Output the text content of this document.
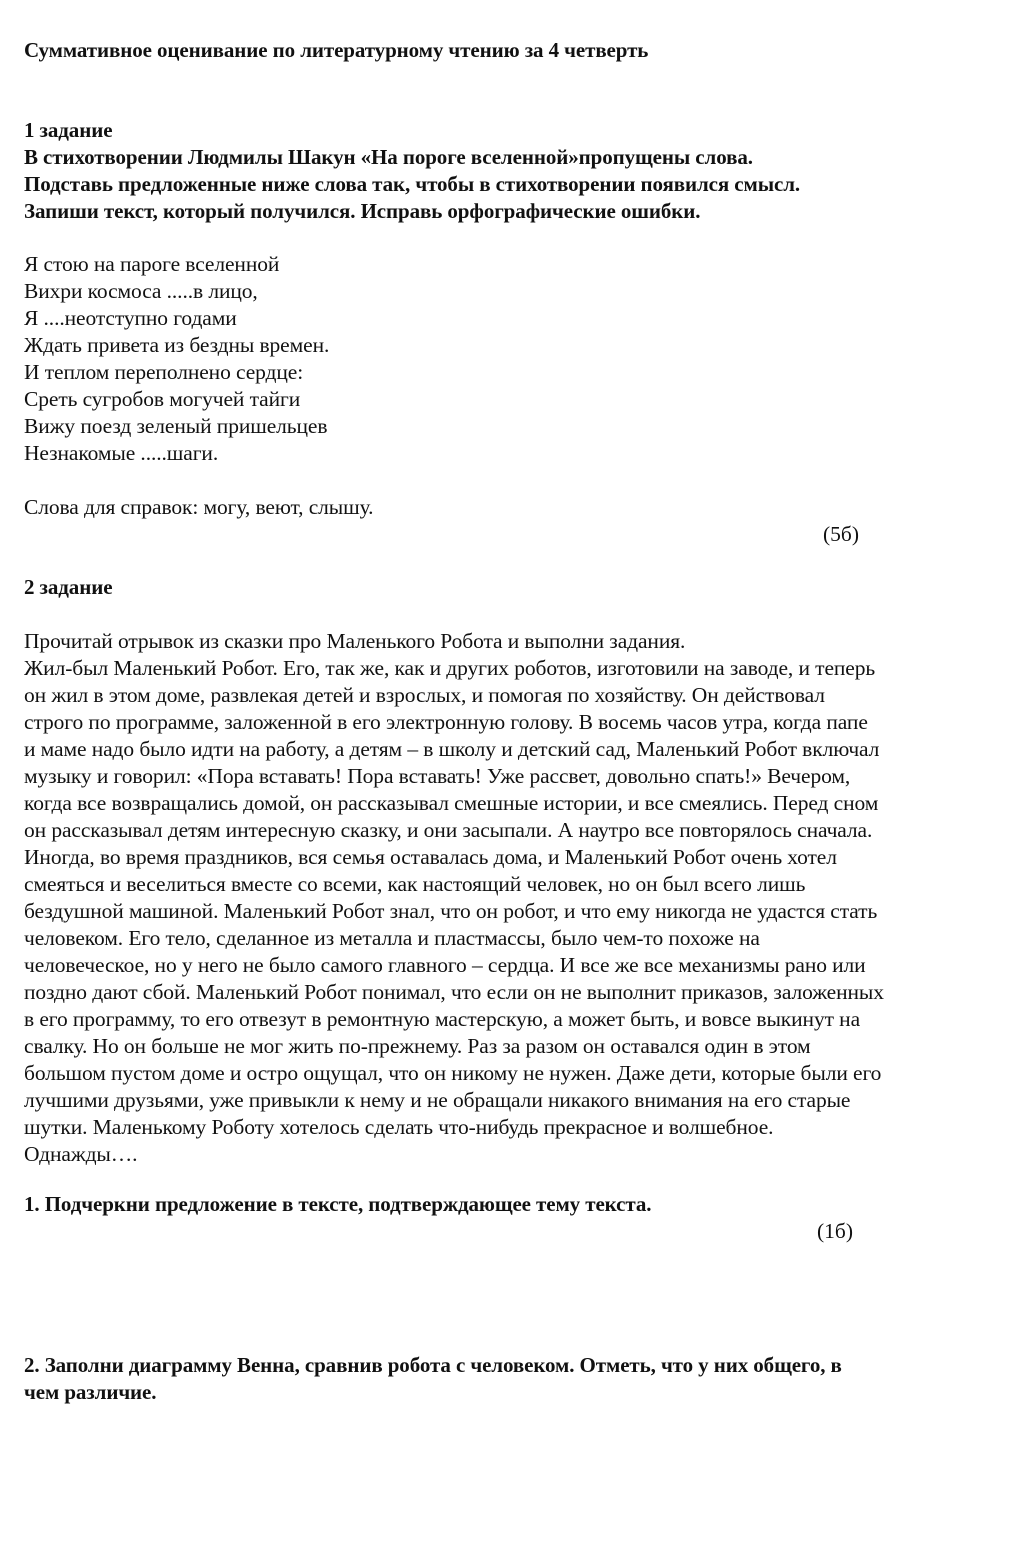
Суммативное оценивание по литературному чтению за 4 четверть
1 задание
В стихотворении Людмилы Шакун «На пороге вселенной»пропущены слова.
Подставь предложенные ниже слова так, чтобы в стихотворении появился смысл.
Запиши текст, который получился. Исправь орфографические ошибки.
Я стою на пароге вселенной
Вихри космоса .....в лицо,
Я ....неотступно годами
Ждать привета из бездны времен.
И теплом переполнено сердце:
Среть сугробов могучей тайги
Вижу поезд зеленый пришельцев
Незнакомые .....шаги.
Слова для справок: могу, веют, слышу.
(5б)
2 задание
Прочитай отрывок из сказки про Маленького Робота и выполни задания.
Жил-был Маленький Робот. Его, так же, как и других роботов, изготовили на заводе, и теперь
он жил в этом доме, развлекая детей и взрослых, и помогая по хозяйству. Он действовал
строго по программе, заложенной в его электронную голову. В восемь часов утра, когда папе
и маме надо было идти на работу, а детям – в школу и детский сад, Маленький Робот включал
музыку и говорил: «Пора вставать! Пора вставать! Уже рассвет, довольно спать!» Вечером,
когда все возвращались домой, он рассказывал смешные истории, и все смеялись. Перед сном
он рассказывал детям интересную сказку, и они засыпали. А наутро все повторялось сначала.
Иногда, во время праздников, вся семья оставалась дома, и Маленький Робот очень хотел
смеяться и веселиться вместе со всеми, как настоящий человек, но он был всего лишь
бездушной машиной. Маленький Робот знал, что он робот, и что ему никогда не удастся стать
человеком. Его тело, сделанное из металла и пластмассы, было чем-то похоже на
человеческое, но у него не было самого главного – сердца. И все же все механизмы рано или
поздно дают сбой. Маленький Робот понимал, что если он не выполнит приказов, заложенных
в его программу, то его отвезут в ремонтную мастерскую, а может быть, и вовсе выкинут на
свалку. Но он больше не мог жить по-прежнему. Раз за разом он оставался один в этом
большом пустом доме и остро ощущал, что он никому не нужен. Даже дети, которые были его
лучшими друзьями, уже привыкли к нему и не обращали никакого внимания на его старые
шутки. Маленькому Роботу хотелось сделать что-нибудь прекрасное и волшебное.
Однажды….
1. Подчеркни предложение в тексте, подтверждающее тему текста.
(1б)
2. Заполни диаграмму Венна, сравнив робота с человеком. Отметь, что у них общего, в
чем различие.
